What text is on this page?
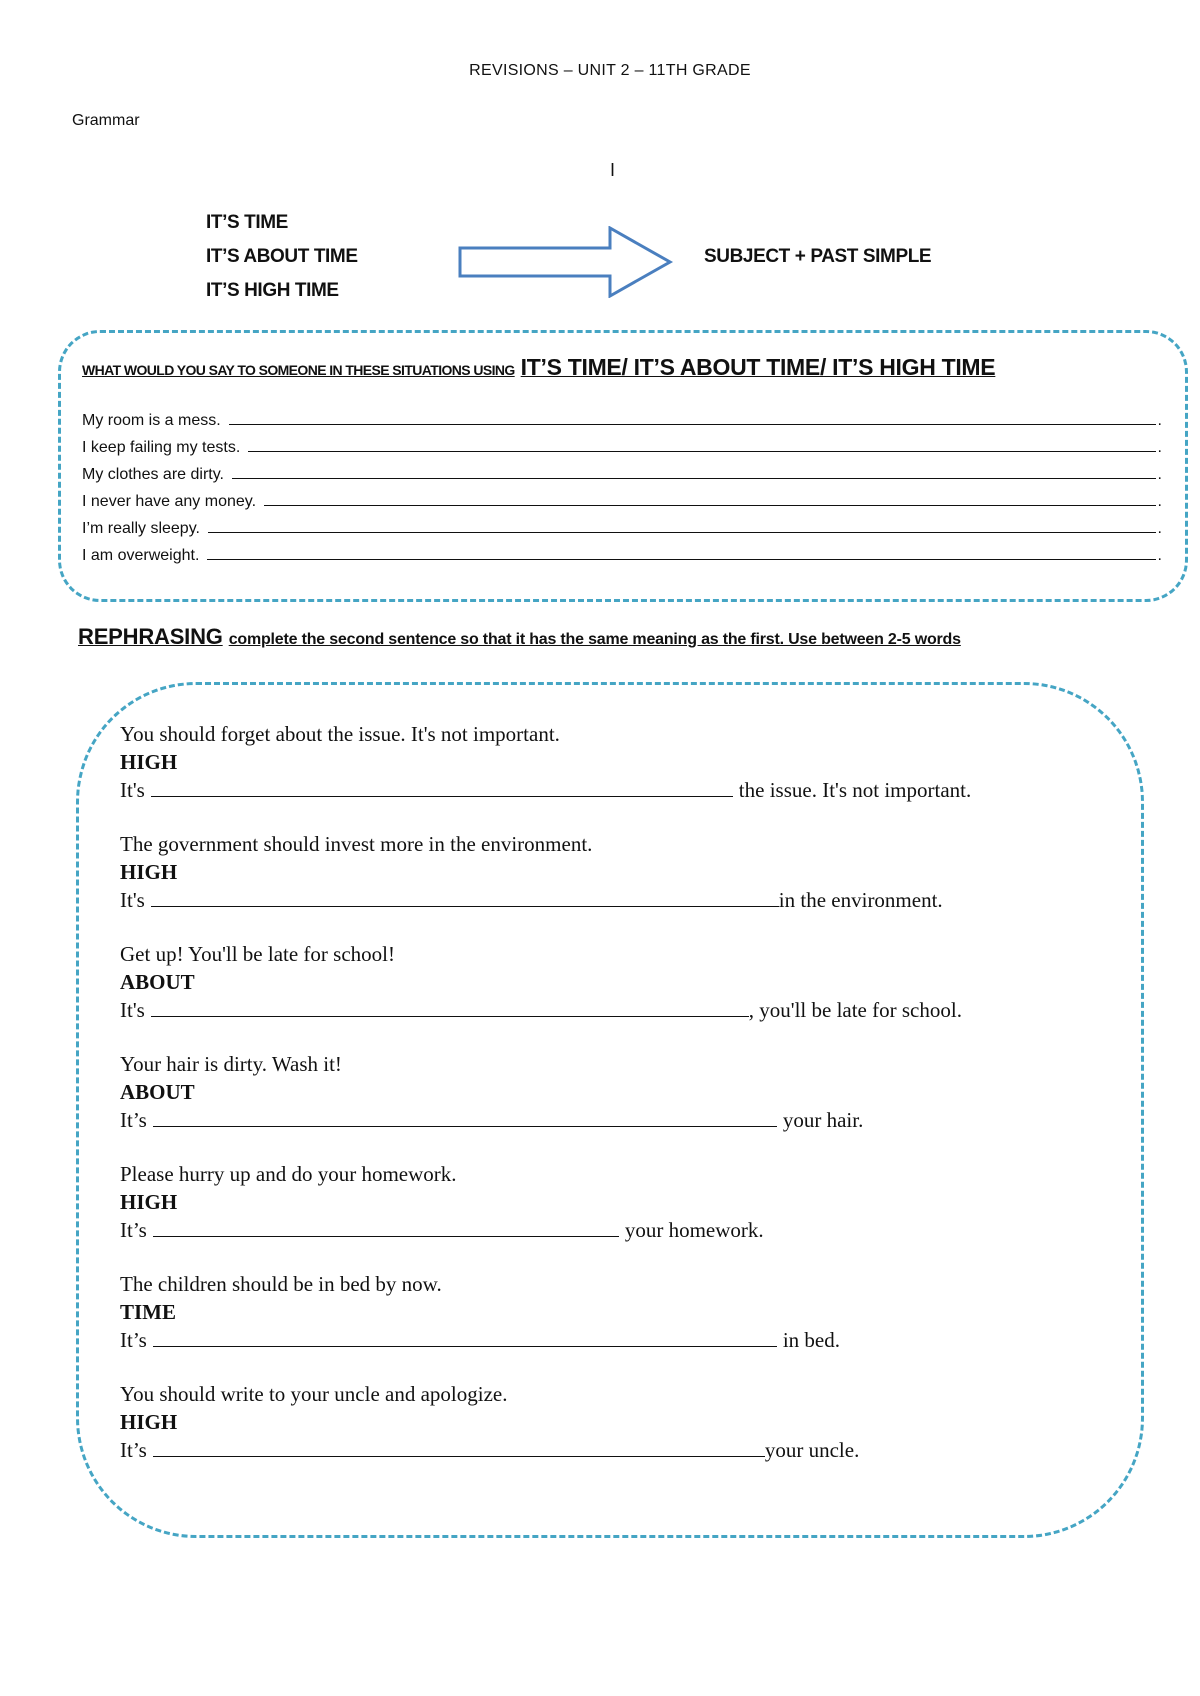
REVISIONS – UNIT 2 – 11TH GRADE
Grammar
I
IT’S TIME
IT’S ABOUT TIME
IT’S HIGH TIME
SUBJECT + PAST SIMPLE
WHAT WOULD YOU SAY TO SOMEONE IN THESE SITUATIONS USING IT’S TIME/ IT’S ABOUT TIME/ IT’S HIGH TIME
My room is a mess.	.
I keep failing my tests.	.
My clothes are dirty.	.
I never have any money.	.
I’m really sleepy.	.
I am overweight.	.
REPHRASING complete the second sentence so that it has the same meaning as the first. Use between 2-5 words
You should forget about the issue. It's not important.
HIGH
It's	the issue. It's not important.
The government should invest more in the environment.
HIGH
It's	in the environment.
Get up! You'll be late for school!
ABOUT
It's	, you'll be late for school.
Your hair is dirty. Wash it!
ABOUT
It’s	your hair.
Please hurry up and do your homework.
HIGH
It’s	your homework.
The children should be in bed by now.
TIME
It’s	in bed.
You should write to your uncle and apologize.
HIGH
It’s	your uncle.
